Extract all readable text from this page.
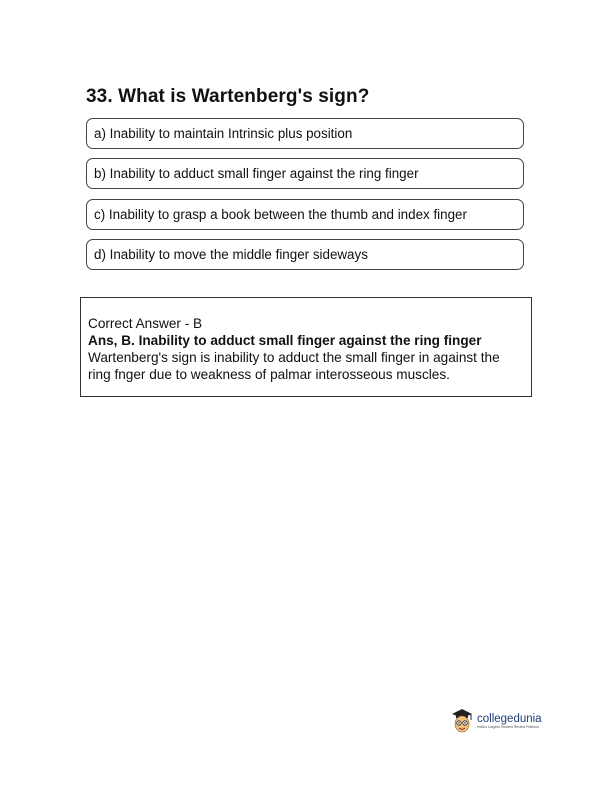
33. What is Wartenberg's sign?
a) Inability to maintain Intrinsic plus position
b) Inability to adduct small finger against the ring finger
c) Inability to grasp a book between the thumb and index finger
d) Inability to move the middle finger sideways
Correct Answer - B
Ans, B. Inability to adduct small finger against the ring finger
Wartenberg's sign is inability to adduct the small finger in against the ring fnger due to weakness of palmar interosseous muscles.
collegedunia
India's Largest Student Review Platform
